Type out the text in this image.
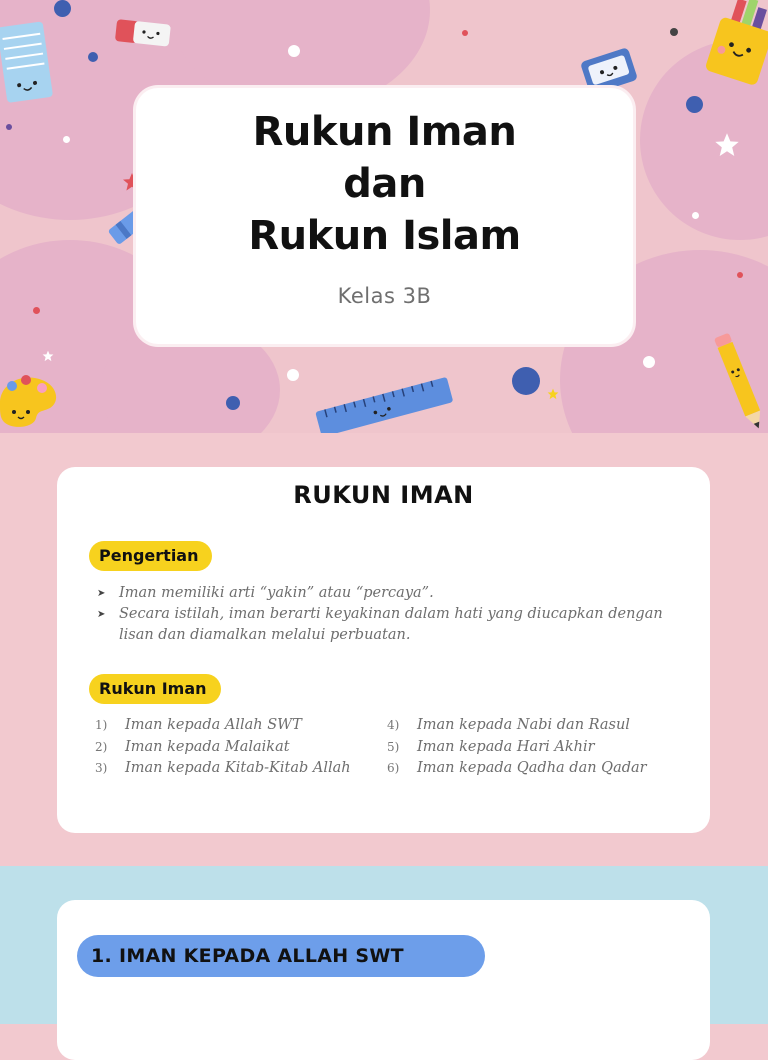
Rukun Iman
dan
Rukun Islam
Kelas 3B
RUKUN IMAN
Pengertian
➤ Iman memiliki arti “yakin” atau “percaya”.
➤ Secara istilah, iman berarti keyakinan dalam hati yang diucapkan dengan lisan dan diamalkan melalui perbuatan.
Rukun Iman
1) Iman kepada Allah SWT
2) Iman kepada Malaikat
3) Iman kepada Kitab-Kitab Allah
4) Iman kepada Nabi dan Rasul
5) Iman kepada Hari Akhir
6) Iman kepada Qadha dan Qadar
1. IMAN KEPADA ALLAH SWT
